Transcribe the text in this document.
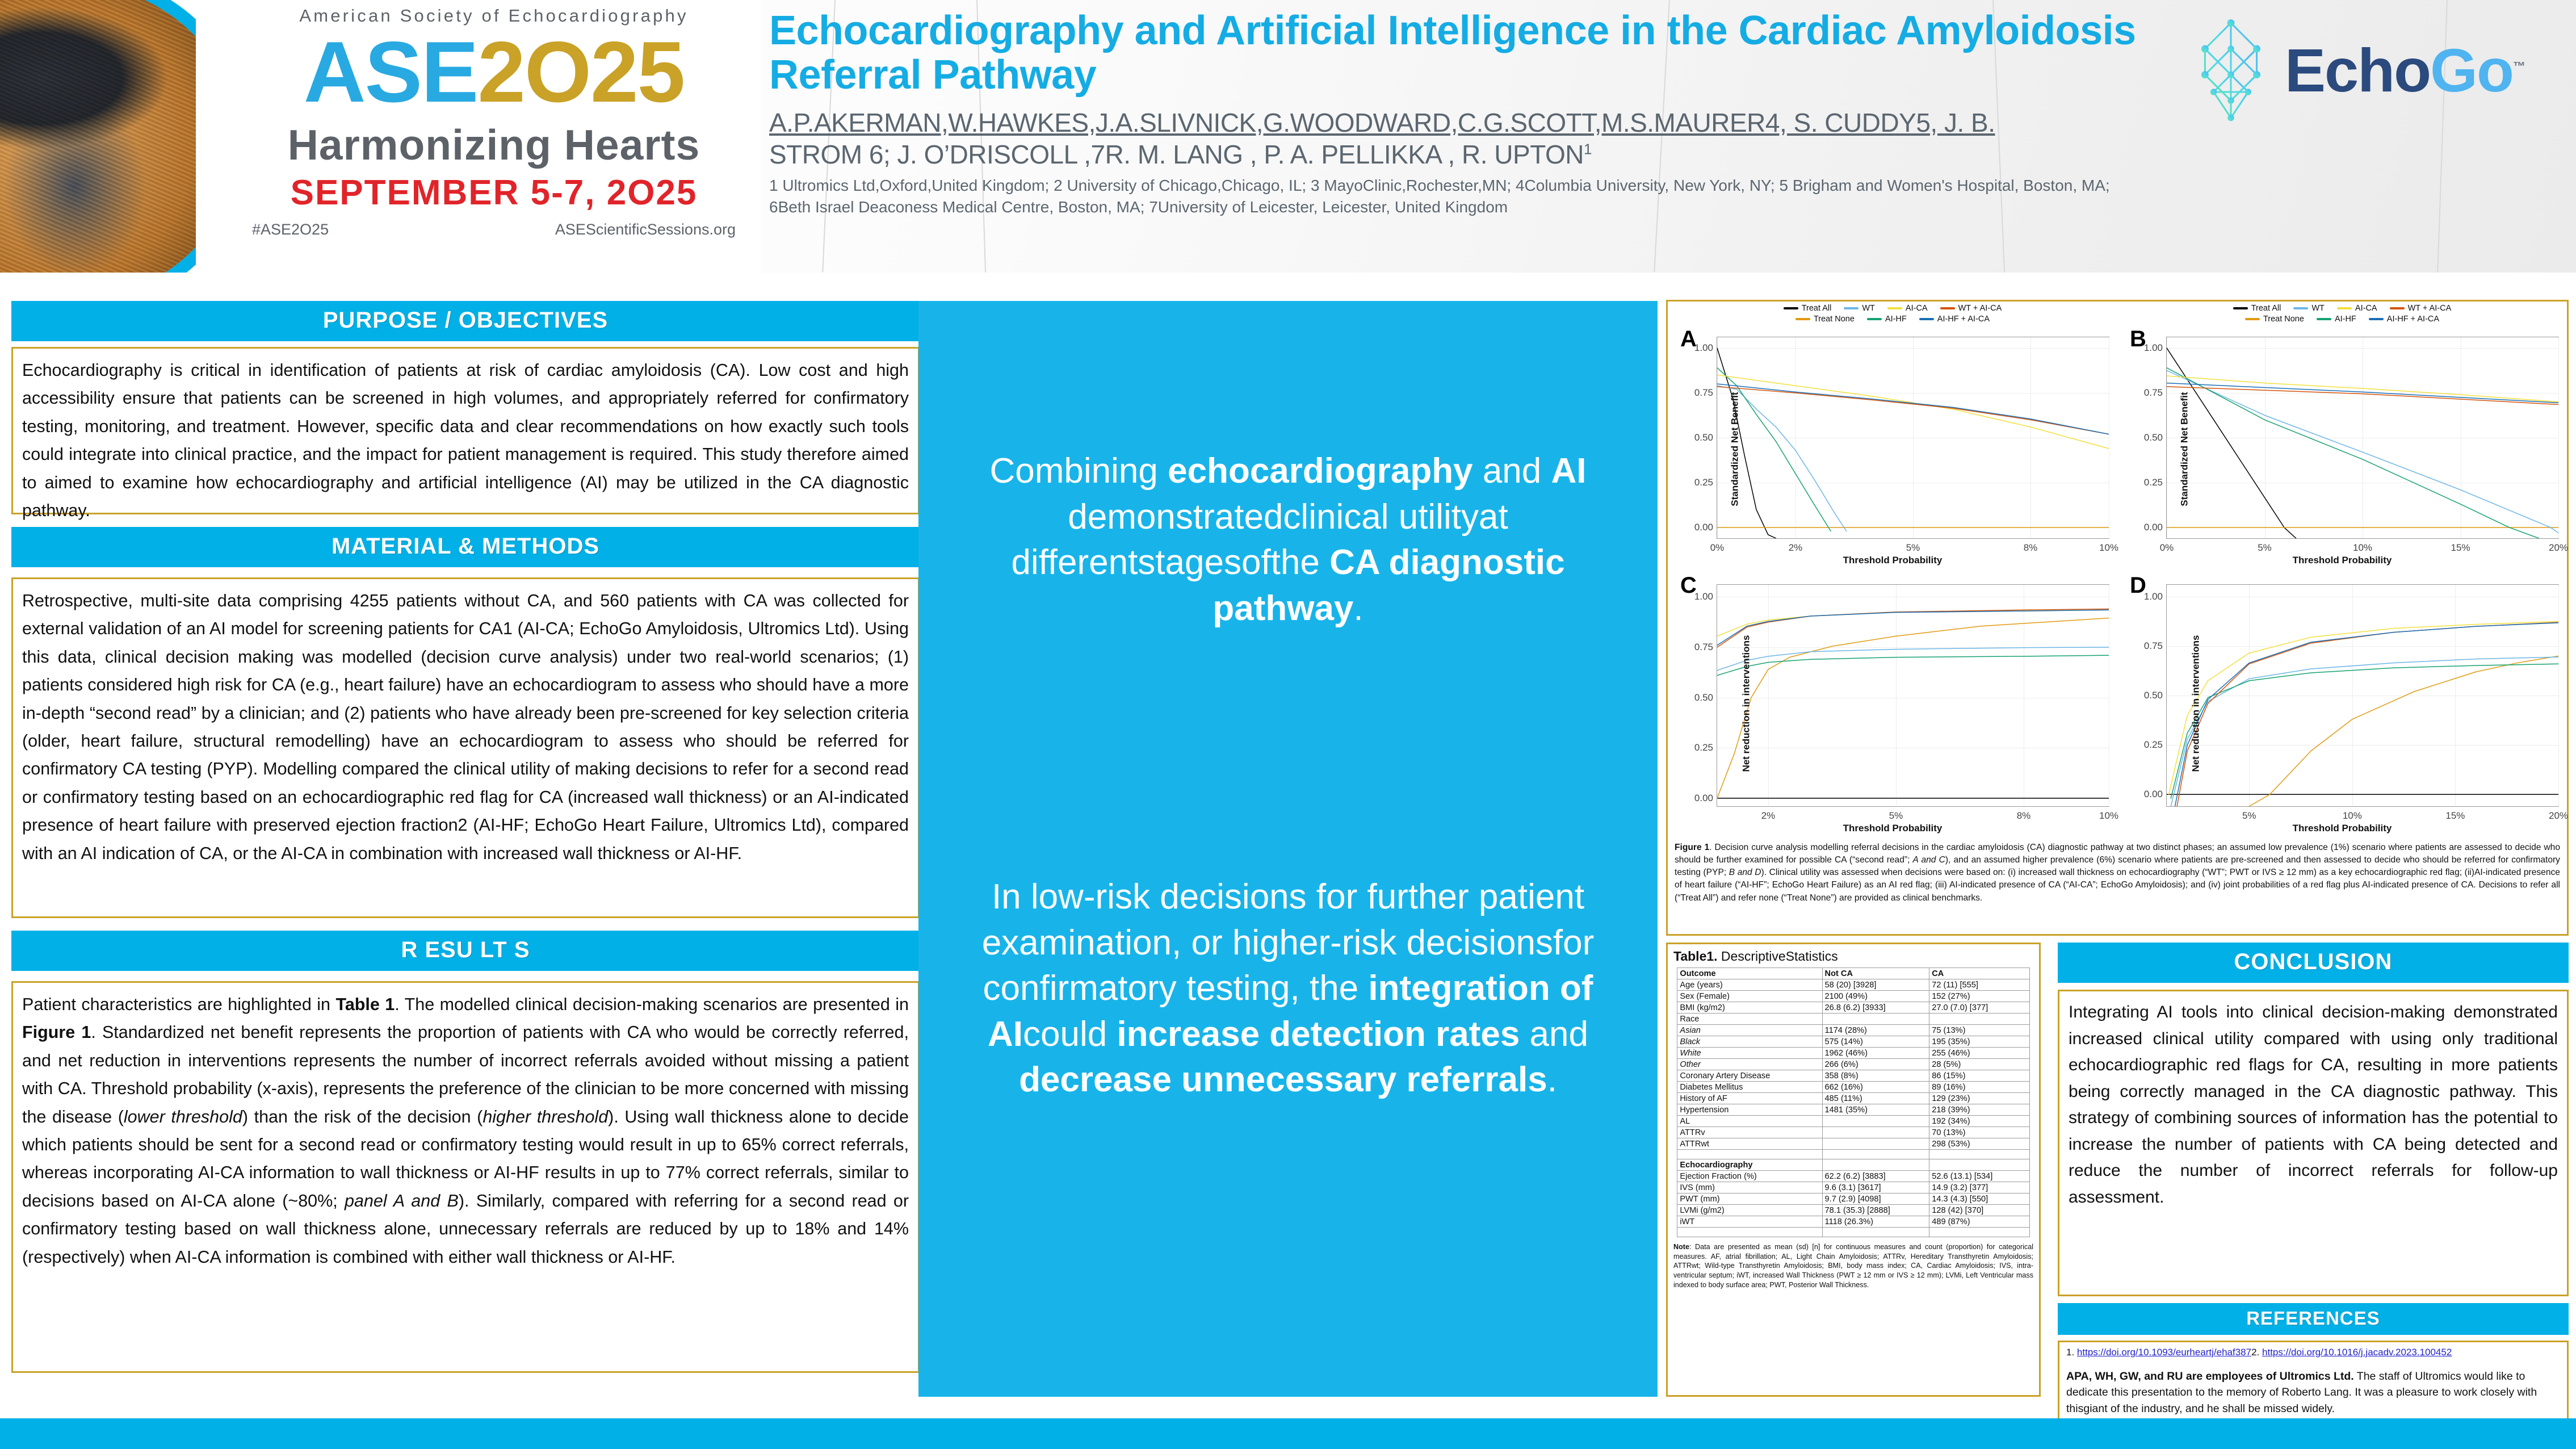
American Society of Echocardiography
ASE2O25
Harmonizing Hearts
SEPTEMBER 5-7, 2O25
#ASE2O25	ASEScientificSessions.org
Echocardiography and Artificial Intelligence in the Cardiac Amyloidosis Referral Pathway
A.P.AKERMAN,W.HAWKES,J.A.SLIVNICK,G.WOODWARD,C.G.SCOTT,M.S.MAURER4, S. CUDDY5, J. B.
STROM 6; J. O’DRISCOLL ,7R. M. LANG , P. A. PELLIKKA , R. UPTON$^1$
1 Ultromics Ltd,Oxford,United Kingdom; 2 University of Chicago,Chicago, IL; 3 MayoClinic,Rochester,MN; 4Columbia University, New York, NY; 5 Brigham and Women's Hospital, Boston, MA; 6Beth Israel Deaconess Medical Centre, Boston, MA; 7University of Leicester, Leicester, United Kingdom
EchoGo™
PURPOSE / OBJECTIVES
Echocardiography is critical in identification of patients at risk of cardiac amyloidosis (CA). Low cost and high accessibility ensure that patients can be screened in high volumes, and appropriately referred for confirmatory testing, monitoring, and treatment. However, specific data and clear recommendations on how exactly such tools could integrate into clinical practice, and the impact for patient management is required. This study therefore aimed to aimed to examine how echocardiography and artificial intelligence (AI) may be utilized in the CA diagnostic pathway.
MATERIAL & METHODS
Retrospective, multi-site data comprising 4255 patients without CA, and 560 patients with CA was collected for external validation of an AI model for screening patients for CA1 (AI-CA; EchoGo Amyloidosis, Ultromics Ltd). Using this data, clinical decision making was modelled (decision curve analysis) under two real-world scenarios; (1) patients considered high risk for CA (e.g., heart failure) have an echocardiogram to assess who should have a more in-depth “second read” by a clinician; and (2) patients who have already been pre-screened for key selection criteria (older, heart failure, structural remodelling) have an echocardiogram to assess who should be referred for confirmatory CA testing (PYP). Modelling compared the clinical utility of making decisions to refer for a second read or confirmatory testing based on an echocardiographic red flag for CA (increased wall thickness) or an AI-indicated presence of heart failure with preserved ejection fraction2 (AI-HF; EchoGo Heart Failure, Ultromics Ltd), compared with an AI indication of CA, or the AI-CA in combination with increased wall thickness or AI-HF.
R ESU LT S
Patient characteristics are highlighted in Table 1. The modelled clinical decision-making scenarios are presented in Figure 1. Standardized net benefit represents the proportion of patients with CA who would be correctly referred, and net reduction in interventions represents the number of incorrect referrals avoided without missing a patient with CA. Threshold probability (x-axis), represents the preference of the clinician to be more concerned with missing the disease (lower threshold) than the risk of the decision (higher threshold). Using wall thickness alone to decide which patients should be sent for a second read or confirmatory testing would result in up to 65% correct referrals, whereas incorporating AI-CA information to wall thickness or AI-HF results in up to 77% correct referrals, similar to decisions based on AI-CA alone (~80%; panel A and B). Similarly, compared with referring for a second read or confirmatory testing based on wall thickness alone, unnecessary referrals are reduced by up to 18% and 14% (respectively) when AI-CA information is combined with either wall thickness or AI-HF.
Combining echocardiography and AI demonstratedclinical utilityat differentstagesofthe CA diagnostic pathway.
In low-risk decisions for further patient examination, or higher-risk decisionsfor confirmatory testing, the integration of AIcould increase detection rates and decrease unnecessary referrals.
A
Treat All	WT	AI-CA	WT + AI-CA
Treat None	AI-HF	AI-HF + AI-CA
0.00
0.25
0.50
0.75
1.00
0%	2%	5%	8%	10%
Standardized Net Benefit
Threshold Probability
B
Treat All	WT	AI-CA	WT + AI-CA
Treat None	AI-HF	AI-HF + AI-CA
0.00
0.25
0.50
0.75
1.00
0%	5%	10%	15%	20%
Standardized Net Benefit
Threshold Probability
C
0.00
0.25
0.50
0.75
1.00
2%	5%	8%	10%
Net reduction in interventions
Threshold Probability
D
0.00
0.25
0.50
0.75
1.00
5%	10%	15%	20%
Net reduction in interventions
Threshold Probability
Figure 1. Decision curve analysis modelling referral decisions in the cardiac amyloidosis (CA) diagnostic pathway at two distinct phases; an assumed low prevalence (1%) scenario where patients are assessed to decide who should be further examined for possible CA (“second read”; A and C), and an assumed higher prevalence (6%) scenario where patients are pre-screened and then assessed to decide who should be referred for confirmatory testing (PYP; B and D). Clinical utility was assessed when decisions were based on: (i) increased wall thickness on echocardiography (“WT”; PWT or IVS ≥ 12 mm) as a key echocardiographic red flag; (ii)AI-indicated presence of heart failure (“AI-HF”; EchoGo Heart Failure) as an AI red flag; (iii) AI-indicated presence of CA (“AI-CA”; EchoGo Amyloidosis); and (iv) joint probabilities of a red flag plus AI-indicated presence of CA. Decisions to refer all (“Treat All”) and refer none (“Treat None”) are provided as clinical benchmarks.
Table1. DescriptiveStatistics
Outcome	Not CA	CA
Age (years)	58 (20) [3928]	72 (11) [555]
Sex (Female)	2100 (49%)	152 (27%)
BMI (kg/m2)	26.8 (6.2) [3933]	27.0 (7.0) [377]
Race		
Asian	1174 (28%)	75 (13%)
Black	575 (14%)	195 (35%)
White	1962 (46%)	255 (46%)
Other	266 (6%)	28 (5%)
Coronary Artery Disease	358 (8%)	86 (15%)
Diabetes Mellitus	662 (16%)	89 (16%)
History of AF	485 (11%)	129 (23%)
Hypertension	1481 (35%)	218 (39%)
AL		192 (34%)
ATTRv		70 (13%)
ATTRwt		298 (53%)

Echocardiography		
Ejection Fraction (%)	62.2 (6.2) [3883]	52.6 (13.1) [534]
IVS (mm)	9.6 (3.1) [3617]	14.9 (3.2) [377]
PWT (mm)	9.7 (2.9) [4098]	14.3 (4.3) [550]
LVMi (g/m2)	78.1 (35.3) [2888]	128 (42) [370]
iWT	1118 (26.3%)	489 (87%)

Note: Data are presented as mean (sd) [n] for continuous measures and count (proportion) for categorical measures. AF, atrial fibrillation; AL, Light Chain Amyloidosis; ATTRv, Hereditary Transthyretin Amyloidosis; ATTRwt; Wild-type Transthyretin Amyloidosis; BMI, body mass index; CA, Cardiac Amyloidosis; IVS, intra-ventricular septum; iWT, increased Wall Thickness (PWT ≥ 12 mm or IVS ≥ 12 mm); LVMi, Left Ventricular mass indexed to body surface area; PWT, Posterior Wall Thickness.
CONCLUSION
Integrating AI tools into clinical decision-making demonstrated increased clinical utility compared with using only traditional echocardiographic red flags for CA, resulting in more patients being correctly managed in the CA diagnostic pathway. This strategy of combining sources of information has the potential to increase the number of patients with CA being detected and reduce the number of incorrect referrals for follow-up assessment.
REFERENCES
1. https://doi.org/10.1093/eurheartj/ehaf3872. https://doi.org/10.1016/j.jacadv.2023.100452
APA, WH, GW, and RU are employees of Ultromics Ltd. The staff of Ultromics would like to dedicate this presentation to the memory of Roberto Lang. It was a pleasure to work closely with thisgiant of the industry, and he shall be missed widely.
